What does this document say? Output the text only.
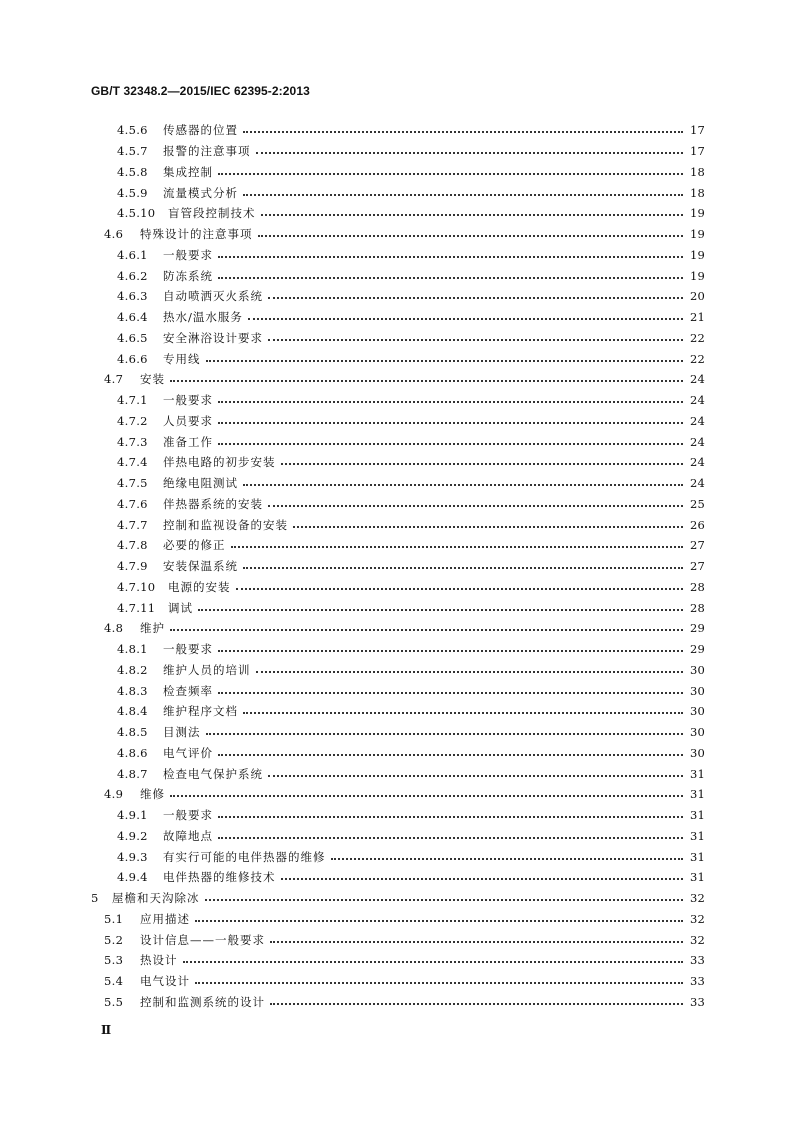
GB/T 32348.2—2015/IEC 62395-2:2013
4.5.6	传感器的位置	17
4.5.7	报警的注意事项	17
4.5.8	集成控制	18
4.5.9	流量模式分析	18
4.5.10	盲管段控制技术	19
4.6	特殊设计的注意事项	19
4.6.1	一般要求	19
4.6.2	防冻系统	19
4.6.3	自动喷洒灭火系统	20
4.6.4	热水/温水服务	21
4.6.5	安全淋浴设计要求	22
4.6.6	专用线	22
4.7	安装	24
4.7.1	一般要求	24
4.7.2	人员要求	24
4.7.3	准备工作	24
4.7.4	伴热电路的初步安装	24
4.7.5	绝缘电阻测试	24
4.7.6	伴热器系统的安装	25
4.7.7	控制和监视设备的安装	26
4.7.8	必要的修正	27
4.7.9	安装保温系统	27
4.7.10	电源的安装	28
4.7.11	调试	28
4.8	维护	29
4.8.1	一般要求	29
4.8.2	维护人员的培训	30
4.8.3	检查频率	30
4.8.4	维护程序文档	30
4.8.5	目测法	30
4.8.6	电气评价	30
4.8.7	检查电气保护系统	31
4.9	维修	31
4.9.1	一般要求	31
4.9.2	故障地点	31
4.9.3	有实行可能的电伴热器的维修	31
4.9.4	电伴热器的维修技术	31
5	屋檐和天沟除冰	32
5.1	应用描述	32
5.2	设计信息——一般要求	32
5.3	热设计	33
5.4	电气设计	33
5.5	控制和监测系统的设计	33
Ⅱ
